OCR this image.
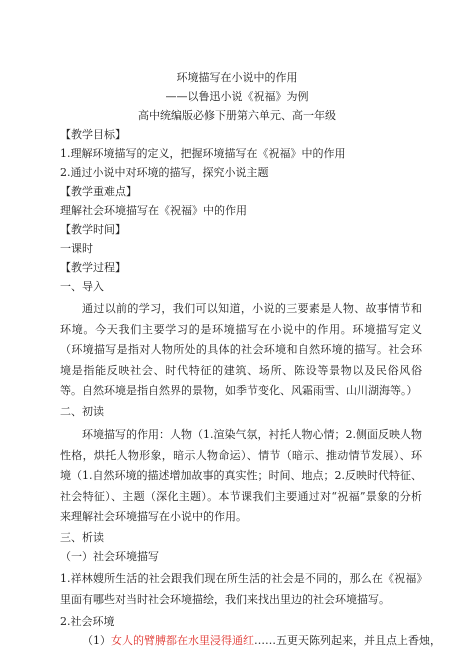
环境描写在小说中的作用
——以鲁迅小说《祝福》为例
高中统编版必修下册第六单元、高一年级
【教学目标】
1.理解环境描写的定义，把握环境描写在《祝福》中的作用
2.通过小说中对环境的描写，探究小说主题
【教学重难点】
理解社会环境描写在《祝福》中的作用
【教学时间】
一课时
【教学过程】
一、导入
通过以前的学习，我们可以知道，小说的三要素是人物、故事情节和环境。今天我们主要学习的是环境描写在小说中的作用。环境描写定义（环境描写是指对人物所处的具体的社会环境和自然环境的描写。社会环境是指能反映社会、时代特征的建筑、场所、陈设等景物以及民俗风俗等。自然环境是指自然界的景物，如季节变化、风霜雨雪、山川湖海等。）
二、初读
环境描写的作用：人物（1.渲染气氛，衬托人物心情；2.侧面反映人物性格，烘托人物形象，暗示人物命运）、情节（暗示、推动情节发展）、环境（1.自然环境的描述增加故事的真实性；时间、地点；2.反映时代特征、社会特征）、主题（深化主题）。本节课我们主要通过对“祝福”景象的分析来理解社会环境描写在小说中的作用。
三、析读
（一）社会环境描写
1.祥林嫂所生活的社会跟我们现在所生活的社会是不同的，那么在《祝福》里面有哪些对当时社会环境描绘，我们来找出里边的社会环境描写。
2.社会环境
（1）女人的臂膊都在水里浸得通红……五更天陈列起来，并且点上香烛，
